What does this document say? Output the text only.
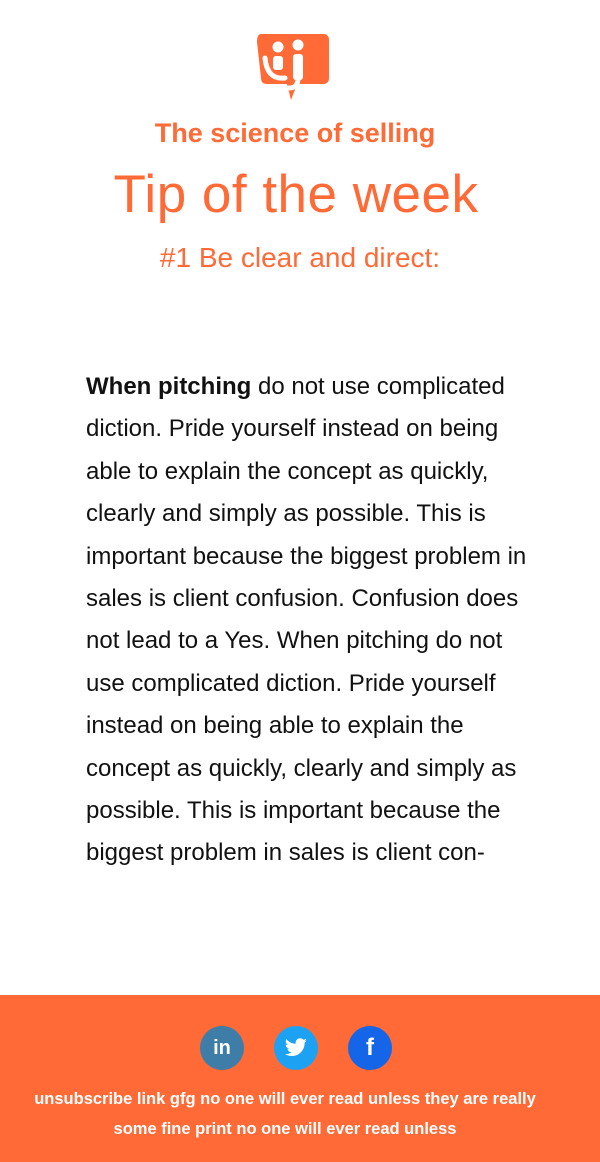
The science of selling
Tip of the week
#1 Be clear and direct:
When pitching do not use complicated diction. Pride yourself instead on being able to explain the concept as quickly, clearly and simply as possible. This is important because the biggest problem in sales is client confusion. Confusion does not lead to a Yes. When pitching do not use complicated diction. Pride yourself instead on being able to explain the concept as quickly, clearly and simply as possible. This is important because the biggest problem in sales is client con-
in	f
unsubscribe link gfg no one will ever read unless they are really
some fine print no one will ever read unless
